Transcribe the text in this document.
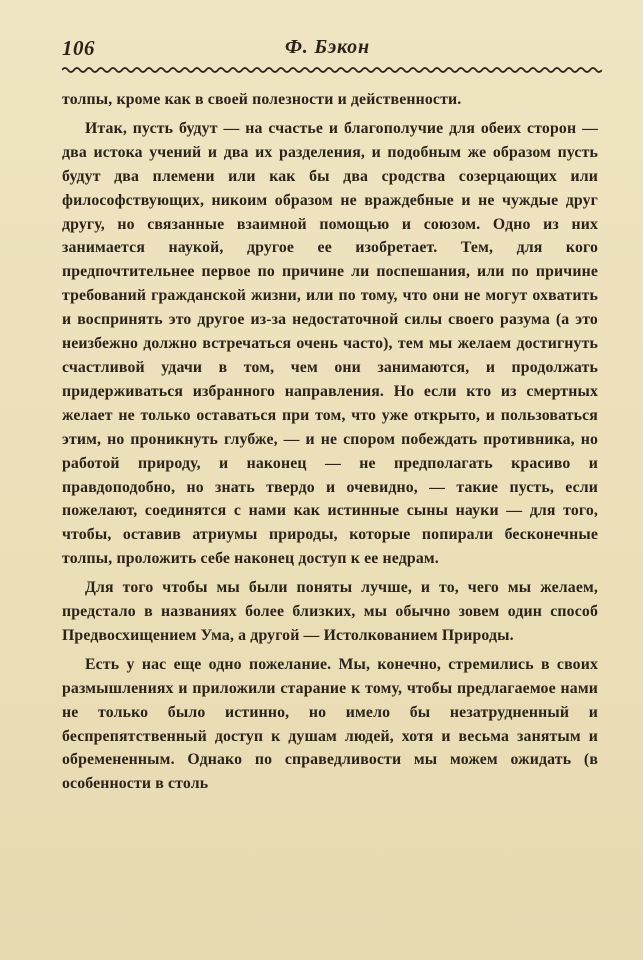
106	Ф. Бэкон

толпы, кроме как в своей полезности и действенности.

Итак, пусть будут — на счастье и благополучие для обеих сторон — два истока учений и два их разделения, и подобным же образом пусть будут два племени или как бы два сродства созерцающих или философствующих, никоим образом не враждебные и не чуждые друг другу, но связанные взаимной помощью и союзом. Одно из них занимается наукой, другое ее изобретает. Тем, для кого предпочтительнее первое по причине ли поспешания, или по причине требований гражданской жизни, или по тому, что они не могут охватить и воспринять это другое из-за недостаточной силы своего разума (а это неизбежно должно встречаться очень часто), тем мы желаем достигнуть счастливой удачи в том, чем они занимаются, и продолжать придерживаться избранного направления. Но если кто из смертных желает не только оставаться при том, что уже открыто, и пользоваться этим, но проникнуть глубже, — и не спором побеждать противника, но работой природу, и наконец — не предполагать красиво и правдоподобно, но знать твердо и очевидно, — такие пусть, если пожелают, соединятся с нами как истинные сыны науки — для того, чтобы, оставив атриумы природы, которые попирали бесконечные толпы, проложить себе наконец доступ к ее недрам.

Для того чтобы мы были поняты лучше, и то, чего мы желаем, предстало в названиях более близких, мы обычно зовем один способ Предвосхищением Ума, а другой — Истолкованием Природы.

Есть у нас еще одно пожелание. Мы, конечно, стремились в своих размышлениях и приложили старание к тому, чтобы предлагаемое нами не только было истинно, но имело бы незатрудненный и беспрепятственный доступ к душам людей, хотя и весьма занятым и обремененным. Однако по справедливости мы можем ожидать (в особенности в столь
